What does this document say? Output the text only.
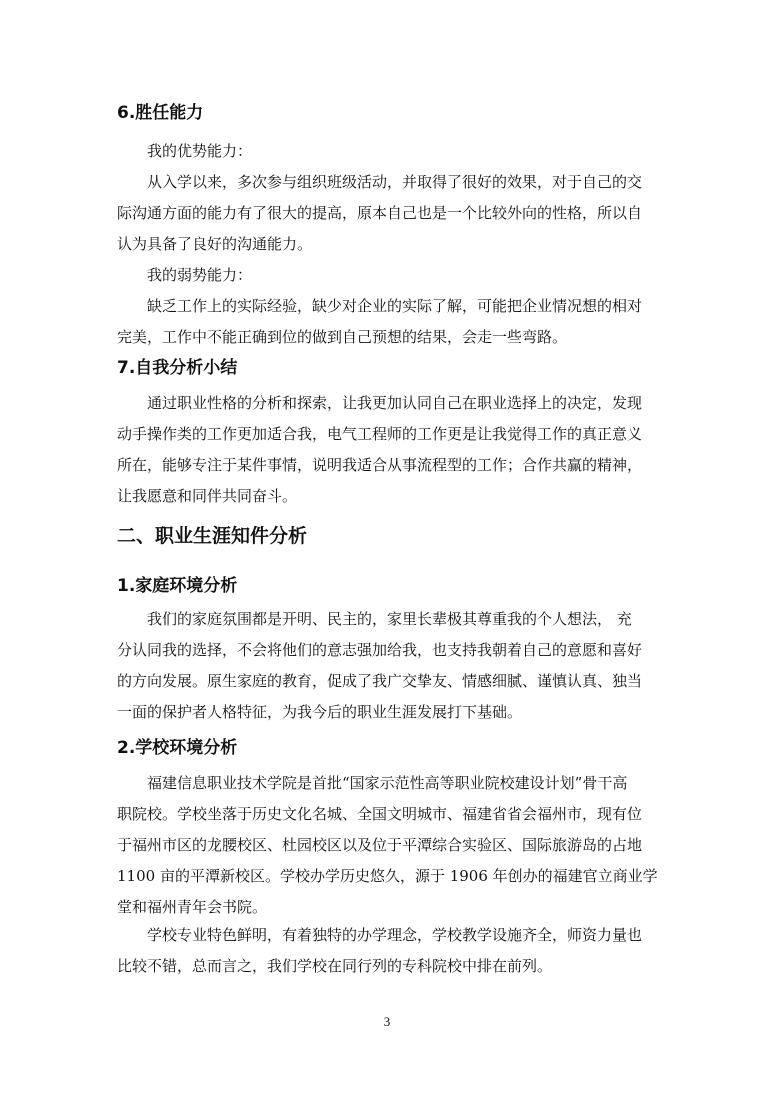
6.胜任能力

我的优势能力：

从入学以来，多次参与组织班级活动，并取得了很好的效果，对于自己的交

际沟通方面的能力有了很大的提高，原本自己也是一个比较外向的性格，所以自

认为具备了良好的沟通能力。

我的弱势能力：

缺乏工作上的实际经验，缺少对企业的实际了解，可能把企业情况想的相对

完美，工作中不能正确到位的做到自己预想的结果，会走一些弯路。

7.自我分析小结

通过职业性格的分析和探索，让我更加认同自己在职业选择上的决定，发现

动手操作类的工作更加适合我，电气工程师的工作更是让我觉得工作的真正意义

所在，能够专注于某件事情，说明我适合从事流程型的工作；合作共赢的精神，

让我愿意和同伴共同奋斗。

二、职业生涯知件分析
1.家庭环境分析

我们的家庭氛围都是开明、民主的，家里长辈极其尊重我的个人想法， 充

分认同我的选择，不会将他们的意志强加给我，也支持我朝着自己的意愿和喜好

的方向发展。原生家庭的教育，促成了我广交挚友、情感细腻、谨慎认真、独当

一面的保护者人格特征，为我今后的职业生涯发展打下基础。

2.学校环境分析

福建信息职业技术学院是首批“国家示范性高等职业院校建设计划”骨干高

职院校。学校坐落于历史文化名城、全国文明城市、福建省省会福州市，现有位

于福州市区的龙腰校区、杜园校区以及位于平潭综合实验区、国际旅游岛的占地

1100 亩的平潭新校区。学校办学历史悠久，源于 1906 年创办的福建官立商业学

堂和福州青年会书院。

学校专业特色鲜明，有着独特的办学理念，学校教学设施齐全，师资力量也

比较不错，总而言之，我们学校在同行列的专科院校中排在前列。

3
